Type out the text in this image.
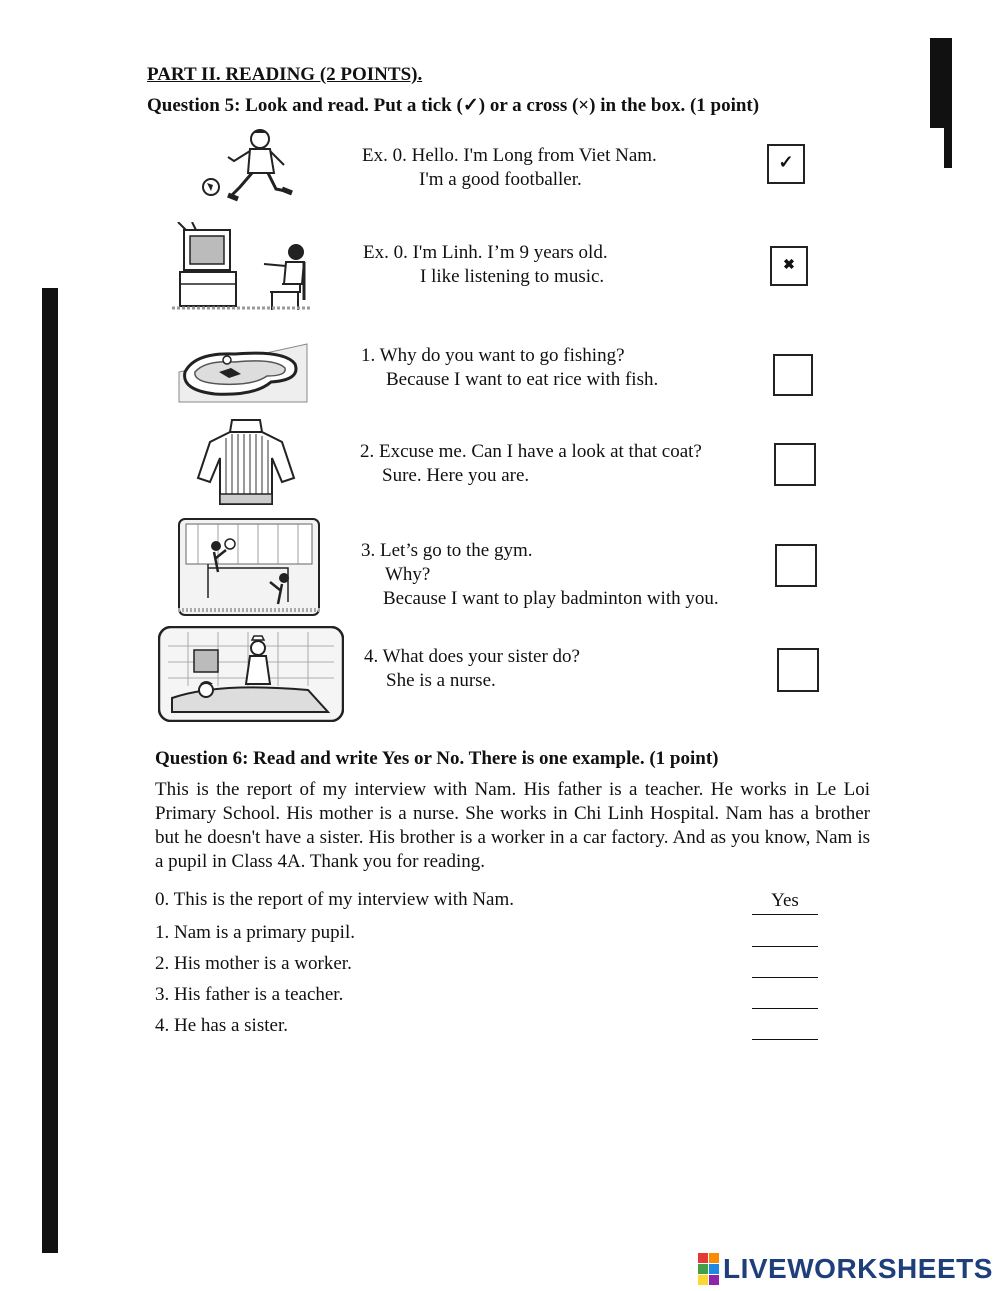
PART II. READING (2 POINTS).
Question 5: Look and read. Put a tick (✓) or a cross (×) in the box. (1 point)
Ex. 0. Hello. I'm Long from Viet Nam.
I'm a good footballer.
✓
Ex. 0. I'm Linh. I’m 9 years old.
I like listening to music.
✖
1. Why do you want to go fishing?
Because I want to eat rice with fish.
2. Excuse me. Can I have a look at that coat?
Sure. Here you are.
3. Let’s go to the gym.
Why?
Because I want to play badminton with you.
4. What does your sister do?
She is a nurse.
Question 6: Read and write Yes or No. There is one example. (1 point)
This is the report of my interview with Nam. His father is a teacher. He works in Le Loi Primary School. His mother is a nurse. She works in Chi Linh Hospital. Nam has a brother but he doesn't have a sister. His brother is a worker in a car factory. And as you know, Nam is a pupil in Class 4A. Thank you for reading.
0. This is the report of my interview with Nam.	Yes
1. Nam is a primary pupil.
2. His mother is a worker.
3. His father is a teacher.
4. He has a sister.
LIVEWORKSHEETS
